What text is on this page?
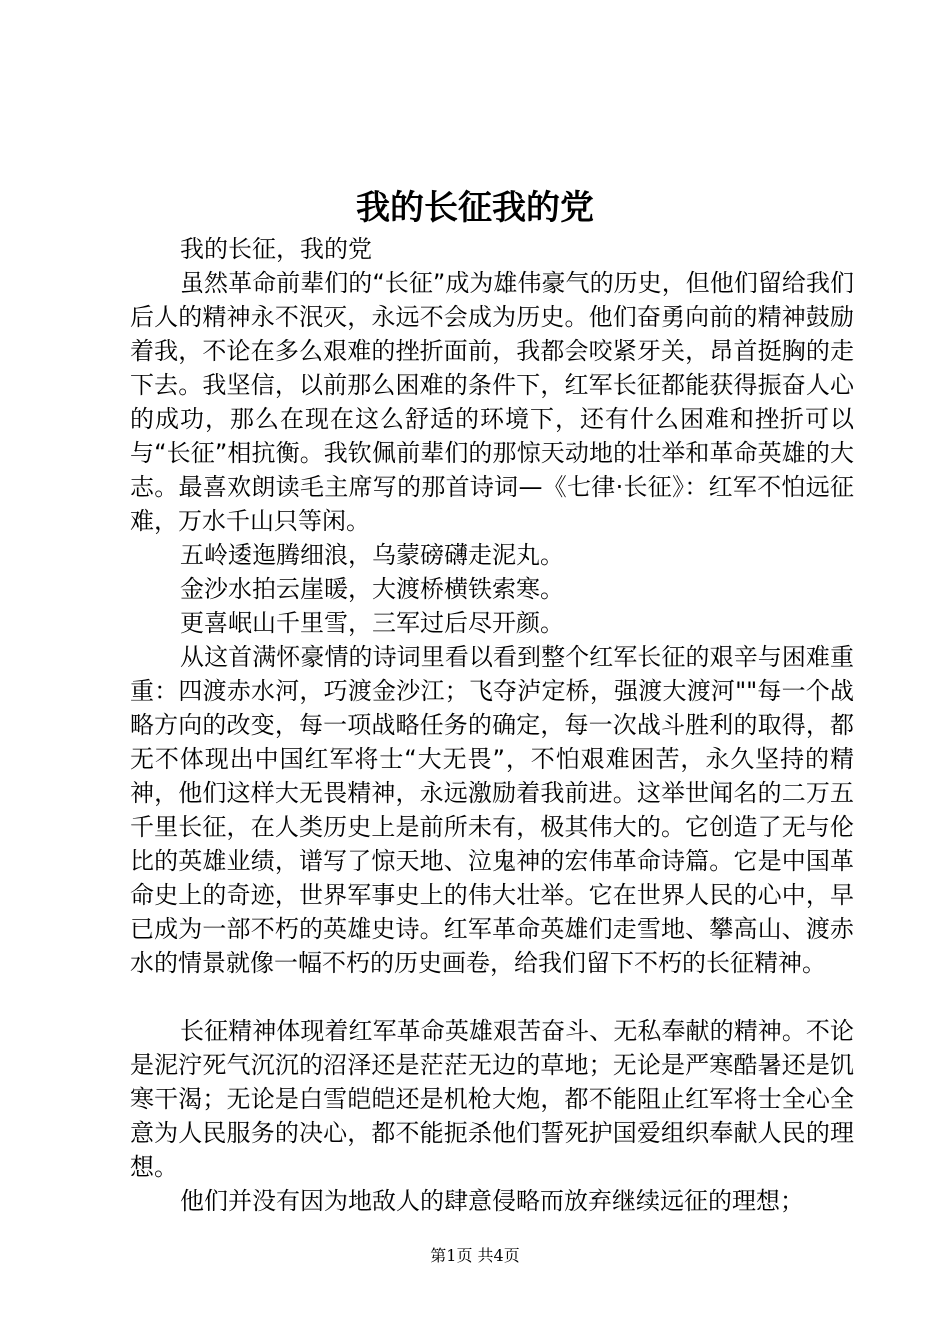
我的长征我的党

我的长征，我的党

虽然革命前辈们的“长征”成为雄伟豪气的历史，但他们留给我们后人的精神永不泯灭，永远不会成为历史。他们奋勇向前的精神鼓励着我，不论在多么艰难的挫折面前，我都会咬紧牙关，昂首挺胸的走下去。我坚信，以前那么困难的条件下，红军长征都能获得振奋人心的成功，那么在现在这么舒适的环境下，还有什么困难和挫折可以与“长征”相抗衡。我钦佩前辈们的那惊天动地的壮举和革命英雄的大志。最喜欢朗读毛主席写的那首诗词—《七律·长征》：红军不怕远征难，万水千山只等闲。

五岭逶迤腾细浪，乌蒙磅礴走泥丸。

金沙水拍云崖暖，大渡桥横铁索寒。

更喜岷山千里雪，三军过后尽开颜。

从这首满怀豪情的诗词里看以看到整个红军长征的艰辛与困难重重：四渡赤水河，巧渡金沙江；飞夺泸定桥，强渡大渡河""每一个战略方向的改变，每一项战略任务的确定，每一次战斗胜利的取得，都无不体现出中国红军将士“大无畏”，不怕艰难困苦，永久坚持的精神，他们这样大无畏精神，永远激励着我前进。这举世闻名的二万五千里长征，在人类历史上是前所未有，极其伟大的。它创造了无与伦比的英雄业绩，谱写了惊天地、泣鬼神的宏伟革命诗篇。它是中国革命史上的奇迹，世界军事史上的伟大壮举。它在世界人民的心中，早已成为一部不朽的英雄史诗。红军革命英雄们走雪地、攀高山、渡赤水的情景就像一幅不朽的历史画卷，给我们留下不朽的长征精神。

长征精神体现着红军革命英雄艰苦奋斗、无私奉献的精神。不论是泥泞死气沉沉的沼泽还是茫茫无边的草地；无论是严寒酷暑还是饥寒干渴；无论是白雪皑皑还是机枪大炮，都不能阻止红军将士全心全意为人民服务的决心，都不能扼杀他们誓死护国爱组织奉献人民的理想。

他们并没有因为地敌人的肆意侵略而放弃继续远征的理想；

第1页 共4页
